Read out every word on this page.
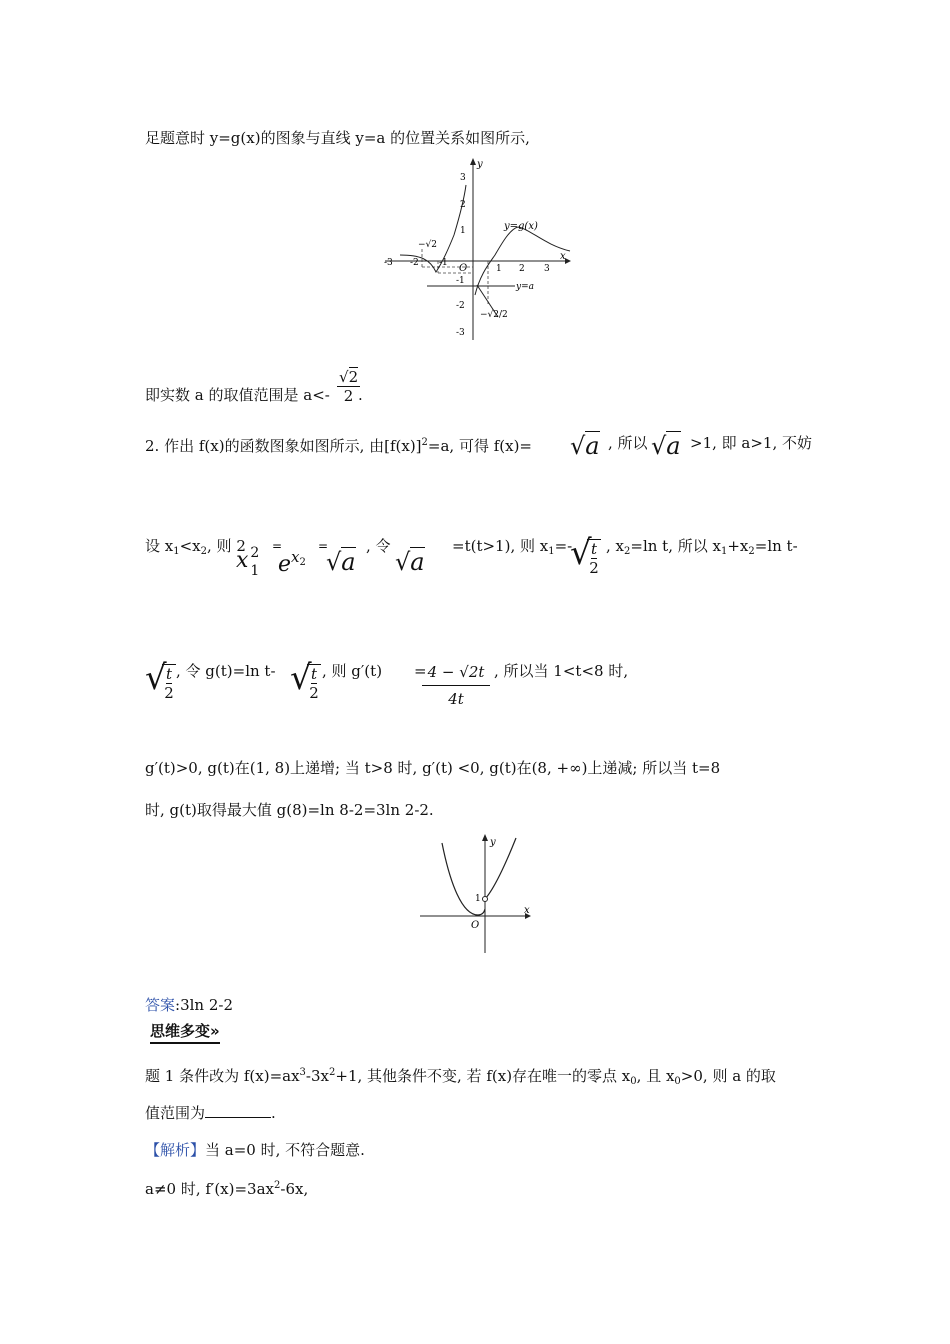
足题意时 y=g(x)的图象与直线 y=a 的位置关系如图所示,
y
x
O
-3 -2 -1
1 2 3
3
2
1
-1
-2
-3
y=a
y=g(x)
−√2
−√2/2
即实数 a 的取值范围是 a<-
√2
2 .
2. 作出 f(x)的函数图象如图所示, 由$[f(x)]^2=a$, 可得 f(x)= √a , 所以 √a >1, 即 a>1, 不妨
设 $x_1<x_2$, 则 2
x 2
1
=
$e^{x2}$
=
√a
, 令
√a
=t(t>1), 则 $x_1=-$
√ t
2
, $x_2=\ln$ t, 所以 $x_1+x_2=\ln$ t-
√ t
2
, 令 g(t)=ln t- √ t
2
, 则 g′(t) = 4 − √2t
4t
, 所以当 1<t<8 时,
g′(t)>0, g(t)在(1, 8)上递增; 当 t>8 时, g′(t) <0, g(t)在(8, +∞)上递减; 所以当 t=8
时, g(t)取得最大值 g(8)=ln 8-2=3ln 2-2.
y
x
O
1
答案:3ln 2-2
思维多变»
题 1 条件改为 $f(x)=ax^3-3x^2+1$, 其他条件不变, 若 f(x)存在唯一的零点 $x_0$, 且 $x_0>0$, 则 a 的取
值范围为	.
【解析】当 a=0 时, 不符合题意.
a≠0 时, $f'(x)=3ax^2-6x$,
